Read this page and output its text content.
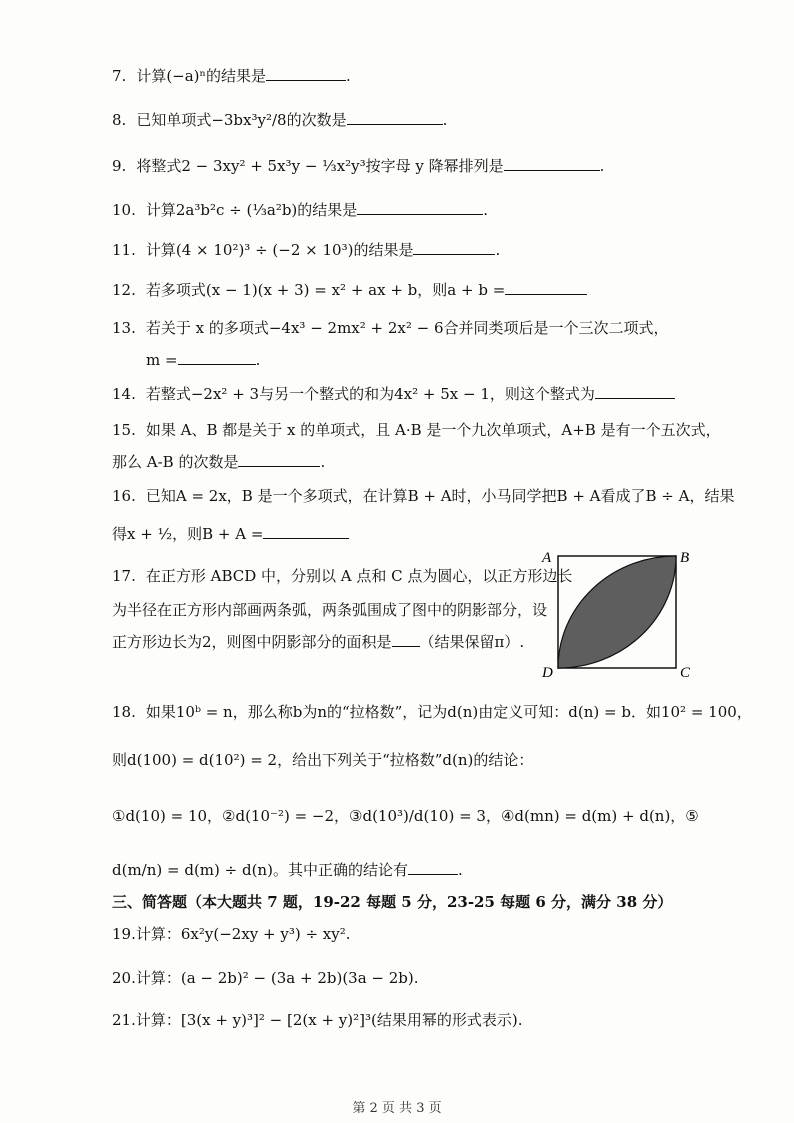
7. 计算(−a)ⁿ的结果是	.
8. 已知单项式−3bx³y²/8的次数是	.
9. 将整式2 − 3xy² + 5x³y − ⅓x²y³按字母 y 降幂排列是	.
10. 计算2a³b²c ÷ (⅓a²b)的结果是	.
11. 计算(4 × 10²)³ ÷ (−2 × 10³)的结果是	.
12. 若多项式(x − 1)(x + 3) = x² + ax + b，则a + b =
13. 若关于 x 的多项式−4x³ − 2mx² + 2x² − 6合并同类项后是一个三次二项式，
m =	.
14. 若整式−2x² + 3与另一个整式的和为4x² + 5x − 1，则这个整式为
15. 如果 A、B 都是关于 x 的单项式，且 A·B 是一个九次单项式，A+B 是有一个五次式，
那么 A-B 的次数是	.
16. 已知A = 2x，B 是一个多项式，在计算B + A时，小马同学把B + A看成了B ÷ A，结果
得x + ½，则B + A =
17. 在正方形 ABCD 中，分别以 A 点和 C 点为圆心，以正方形边长
为半径在正方形内部画两条弧，两条弧围成了图中的阴影部分，设
正方形边长为2，则图中阴影部分的面积是 （结果保留π）.
A	B
C
D
18. 如果10ᵇ = n，那么称b为n的“拉格数”，记为d(n)由定义可知：d(n) = b．如10² = 100，
则d(100) = d(10²) = 2，给出下列关于“拉格数”d(n)的结论：
①d(10) = 10，②d(10⁻²) = −2，③d(10³)/d(10) = 3，④d(mn) = d(m) + d(n)，⑤
d(m/n) = d(m) ÷ d(n)。其中正确的结论有	.
三、简答题（本大题共 7 题，19-22 每题 5 分，23-25 每题 6 分，满分 38 分）
19.计算：6x²y(−2xy + y³) ÷ xy².
20.计算：(a − 2b)² − (3a + 2b)(3a − 2b).
21.计算：[3(x + y)³]² − [2(x + y)²]³(结果用幂的形式表示).
第 2 页 共 3 页
